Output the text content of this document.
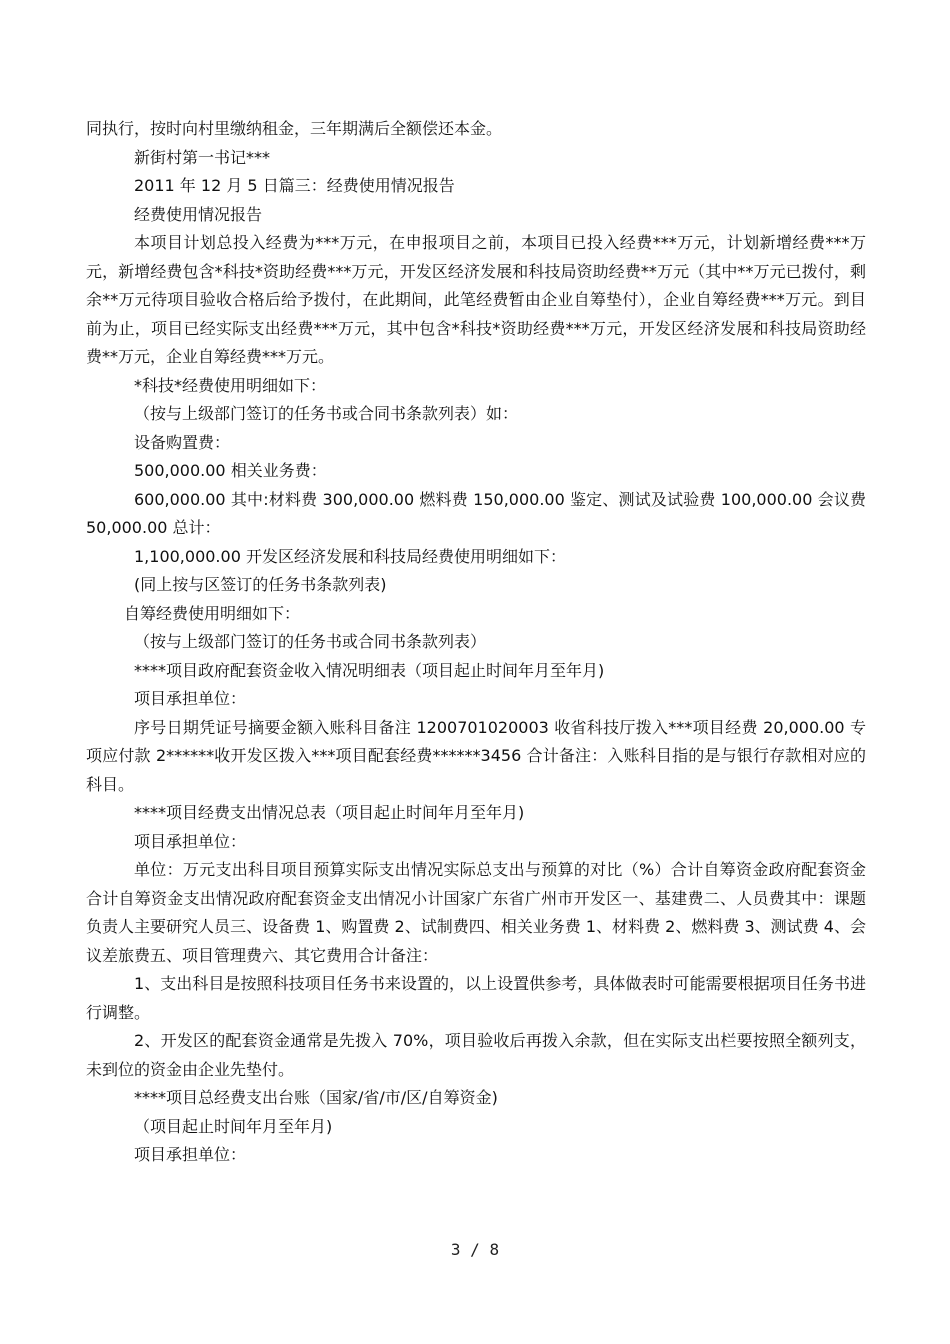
同执行，按时向村里缴纳租金，三年期满后全额偿还本金。

新街村第一书记***

2011 年 12 月 5 日篇三：经费使用情况报告

经费使用情况报告

本项目计划总投入经费为***万元，在申报项目之前，本项目已投入经费***万元，计划新增经费***万元，新增经费包含*科技*资助经费***万元，开发区经济发展和科技局资助经费**万元（其中**万元已拨付，剩余**万元待项目验收合格后给予拨付，在此期间，此笔经费暂由企业自筹垫付），企业自筹经费***万元。到目前为止，项目已经实际支出经费***万元，其中包含*科技*资助经费***万元，开发区经济发展和科技局资助经费**万元，企业自筹经费***万元。

*科技*经费使用明细如下：

（按与上级部门签订的任务书或合同书条款列表）如：

设备购置费：

500,000.00 相关业务费：

600,000.00 其中:材料费 300,000.00 燃料费 150,000.00 鉴定、测试及试验费 100,000.00 会议费 50,000.00 总计：

1,100,000.00 开发区经济发展和科技局经费使用明细如下：

(同上按与区签订的任务书条款列表)

自筹经费使用明细如下：

（按与上级部门签订的任务书或合同书条款列表）

****项目政府配套资金收入情况明细表（项目起止时间年月至年月)

项目承担单位：

序号日期凭证号摘要金额入账科目备注 1200701020003 收省科技厅拨入***项目经费 20,000.00 专项应付款 2******收开发区拨入***项目配套经费******3456 合计备注：入账科目指的是与银行存款相对应的科目。

****项目经费支出情况总表（项目起止时间年月至年月)

项目承担单位：

单位：万元支出科目项目预算实际支出情况实际总支出与预算的对比（%）合计自筹资金政府配套资金合计自筹资金支出情况政府配套资金支出情况小计国家广东省广州市开发区一、基建费二、人员费其中：课题负责人主要研究人员三、设备费 1、购置费 2、试制费四、相关业务费 1、材料费 2、燃料费 3、测试费 4、会议差旅费五、项目管理费六、其它费用合计备注：

1、支出科目是按照科技项目任务书来设置的，以上设置供参考，具体做表时可能需要根据项目任务书进行调整。

2、开发区的配套资金通常是先拨入 70%，项目验收后再拨入余款，但在实际支出栏要按照全额列支，未到位的资金由企业先垫付。

****项目总经费支出台账（国家/省/市/区/自筹资金)

（项目起止时间年月至年月)

项目承担单位：

3 / 8
